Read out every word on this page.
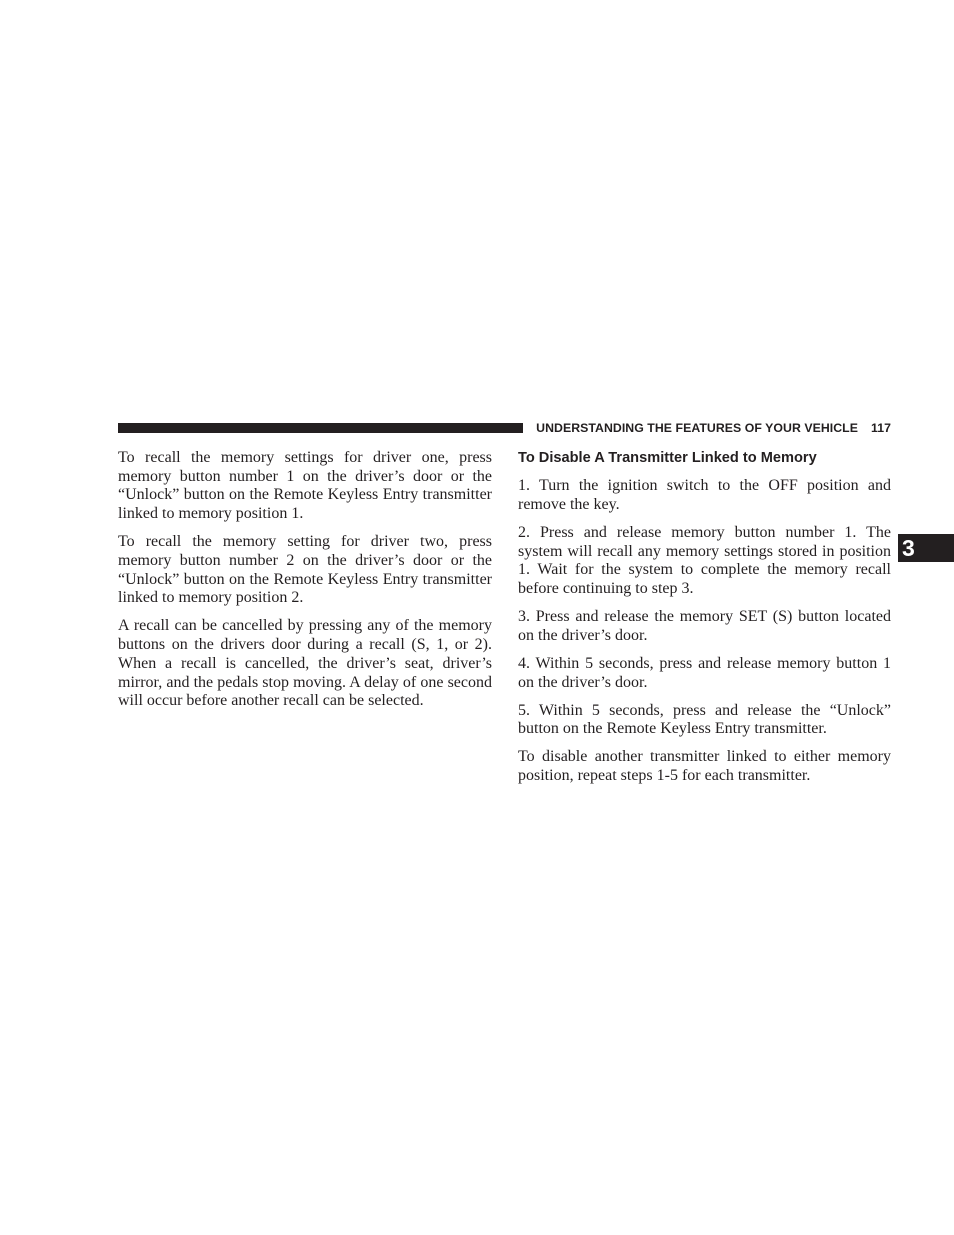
UNDERSTANDING THE FEATURES OF YOUR VEHICLE 117
3

To recall the memory settings for driver one, press memory button number 1 on the driver’s door or the “Unlock” button on the Remote Keyless Entry transmitter linked to memory position 1.

To recall the memory setting for driver two, press memory button number 2 on the driver’s door or the “Unlock” button on the Remote Keyless Entry transmitter linked to memory position 2.

A recall can be cancelled by pressing any of the memory buttons on the drivers door during a recall (S, 1, or 2). When a recall is cancelled, the driver’s seat, driver’s mirror, and the pedals stop moving. A delay of one second will occur before another recall can be selected.

To Disable A Transmitter Linked to Memory

1. Turn the ignition switch to the OFF position and remove the key.

2. Press and release memory button number 1. The system will recall any memory settings stored in position 1. Wait for the system to complete the memory recall before continuing to step 3.

3. Press and release the memory SET (S) button located on the driver’s door.

4. Within 5 seconds, press and release memory button 1 on the driver’s door.

5. Within 5 seconds, press and release the “Unlock” button on the Remote Keyless Entry transmitter.

To disable another transmitter linked to either memory position, repeat steps 1-5 for each transmitter.
